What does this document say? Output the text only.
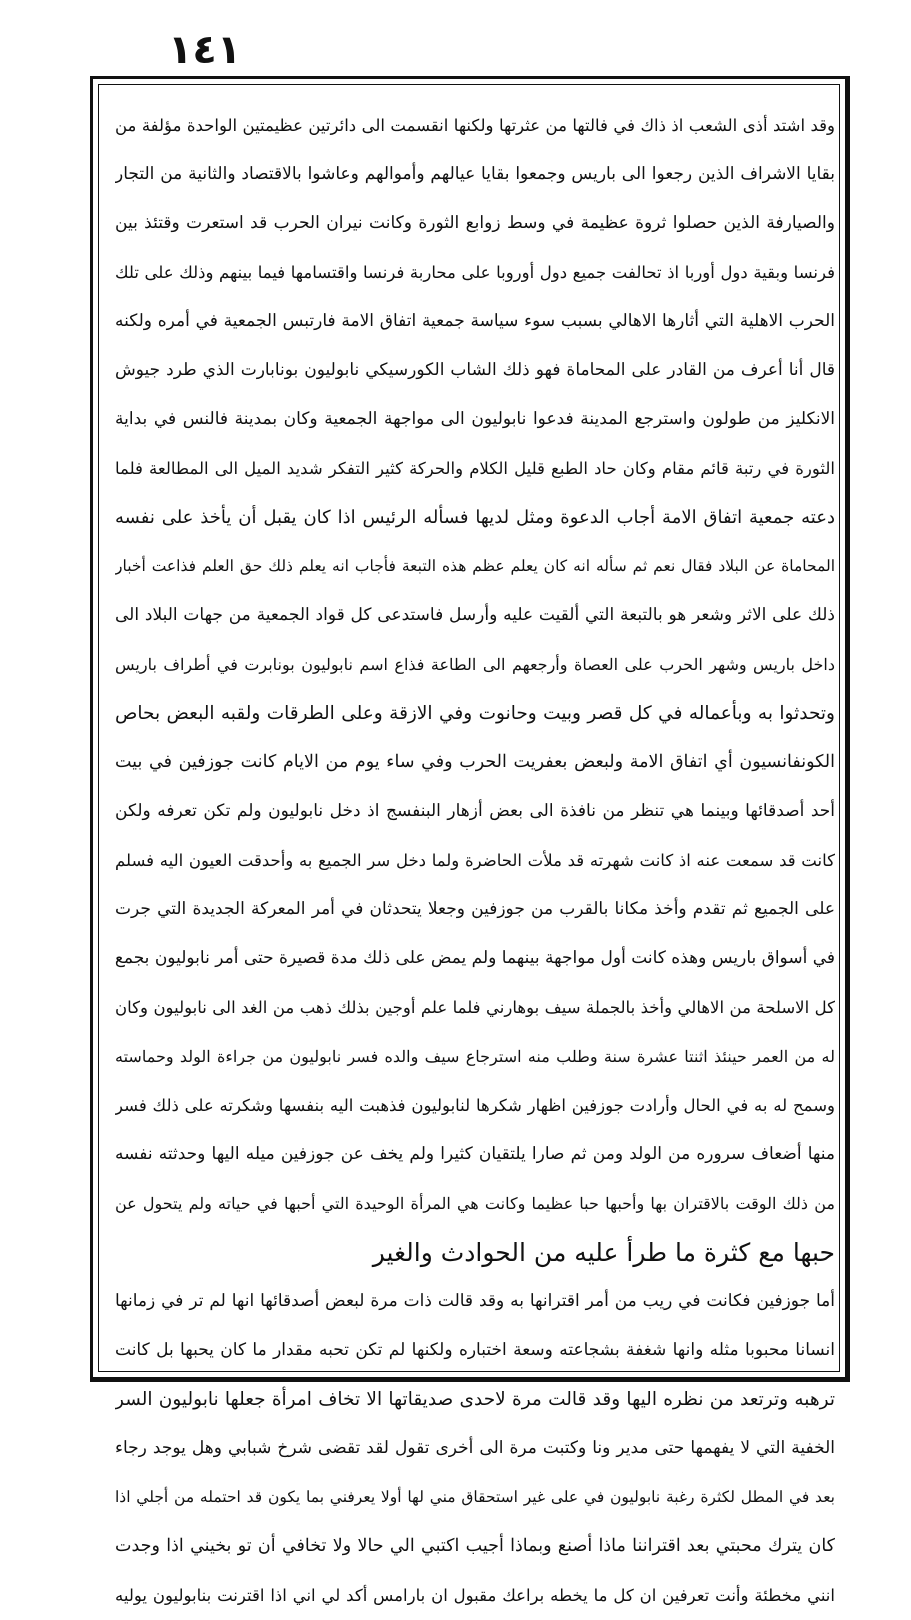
١٤١
وقد اشتد أذى الشعب اذ ذاك في فالتها من عثرتها ولكنها انقسمت الى دائرتين عظيمتين الواحدة مؤلفة من
بقايا الاشراف الذين رجعوا الى باريس وجمعوا بقايا عيالهم وأموالهم وعاشوا بالاقتصاد والثانية من التجار
والصيارفة الذين حصلوا ثروة عظيمة في وسط زوابع الثورة وكانت نيران الحرب قد استعرت وقتئذ بين
فرنسا وبقية دول أوربا اذ تحالفت جميع دول أوروبا على محاربة فرنسا واقتسامها فيما بينهم وذلك على تلك
الحرب الاهلية التي أثارها الاهالي بسبب سوء سياسة جمعية اتفاق الامة فارتبس الجمعية في أمره ولكنه
قال أنا أعرف من القادر على المحاماة فهو ذلك الشاب الكورسيكي نابوليون بونابارت الذي طرد جيوش
الانكليز من طولون واسترجع المدينة فدعوا نابوليون الى مواجهة الجمعية وكان بمدينة فالنس في بداية
الثورة في رتبة قائم مقام وكان حاد الطبع قليل الكلام والحركة كثير التفكر شديد الميل الى المطالعة فلما
دعته جمعية اتفاق الامة أجاب الدعوة ومثل لديها فسأله الرئيس اذا كان يقبل أن يأخذ على نفسه
المحاماة عن البلاد فقال نعم ثم سأله انه كان يعلم عظم هذه التبعة فأجاب انه يعلم ذلك حق العلم فذاعت أخبار
ذلك على الاثر وشعر هو بالتبعة التي ألقيت عليه وأرسل فاستدعى كل قواد الجمعية من جهات البلاد الى
داخل باريس وشهر الحرب على العصاة وأرجعهم الى الطاعة فذاع اسم نابوليون بونابرت في أطراف باريس
وتحدثوا به وبأعماله في كل قصر وبيت وحانوت وفي الازقة وعلى الطرقات ولقبه البعض بحاص
الكونفانسيون أي اتفاق الامة ولبعض بعفريت الحرب وفي ساء يوم من الايام كانت جوزفين في بيت
أحد أصدقائها وبينما هي تنظر من نافذة الى بعض أزهار البنفسج اذ دخل نابوليون ولم تكن تعرفه ولكن
كانت قد سمعت عنه اذ كانت شهرته قد ملأت الحاضرة ولما دخل سر الجميع به وأحدقت العيون اليه فسلم
على الجميع ثم تقدم وأخذ مكانا بالقرب من جوزفين وجعلا يتحدثان في أمر المعركة الجديدة التي جرت
في أسواق باريس وهذه كانت أول مواجهة بينهما ولم يمض على ذلك مدة قصيرة حتى أمر نابوليون بجمع
كل الاسلحة من الاهالي وأخذ بالجملة سيف بوهارني فلما علم أوجين بذلك ذهب من الغد الى نابوليون وكان
له من العمر حينئذ اثنتا عشرة سنة وطلب منه استرجاع سيف والده فسر نابوليون من جراءة الولد وحماسته
وسمح له به في الحال وأرادت جوزفين اظهار شكرها لنابوليون فذهبت اليه بنفسها وشكرته على ذلك فسر
منها أضعاف سروره من الولد ومن ثم صارا يلتقيان كثيرا ولم يخف عن جوزفين ميله اليها وحدثته نفسه
من ذلك الوقت بالاقتران بها وأحبها حبا عظيما وكانت هي المرأة الوحيدة التي أحبها في حياته ولم يتحول عن
حبها مع كثرة ما طرأ عليه من الحوادث والغير
أما جوزفين فكانت في ريب من أمر اقترانها به وقد قالت ذات مرة لبعض أصدقائها انها لم تر في زمانها
انسانا محبوبا مثله وانها شغفة بشجاعته وسعة اختباره ولكنها لم تكن تحبه مقدار ما كان يحبها بل كانت
ترهبه وترتعد من نظره اليها وقد قالت مرة لاحدى صديقاتها الا تخاف امرأة جعلها نابوليون السر
الخفية التي لا يفهمها حتى مدير ونا وكتبت مرة الى أخرى تقول لقد تقضى شرخ شبابي وهل يوجد رجاء
بعد في المطل لكثرة رغبة نابوليون في على غير استحقاق مني لها أولا يعرفني بما يكون قد احتمله من أجلي اذا
كان يترك محبتي بعد اقتراننا ماذا أصنع وبماذا أجيب اكتبي الي حالا ولا تخافي أن تو بخيني اذا وجدت
انني مخطئة وأنت تعرفين ان كل ما يخطه براعك مقبول ان بارامس أكد لي اني اذا اقترنت بنابوليون يوليه
